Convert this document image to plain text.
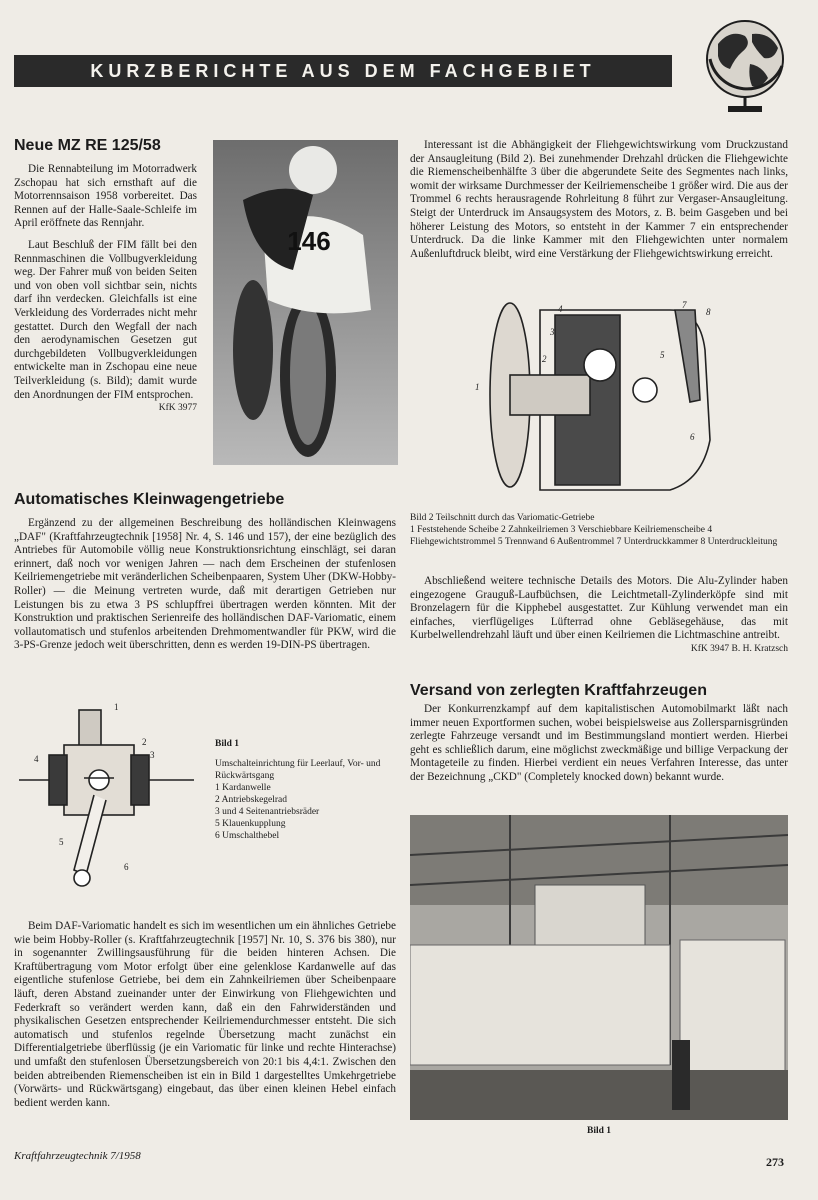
KURZBERICHTE AUS DEM FACHGEBIET
Neue MZ RE 125/58

Die Rennabteilung im Motorradwerk Zschopau hat sich ernsthaft auf die Motorrennsaison 1958 vorbereitet. Das Rennen auf der Halle-Saale-Schleife im April eröffnete das Rennjahr.

Laut Beschluß der FIM fällt bei den Rennmaschinen die Vollbugverkleidung weg. Der Fahrer muß von beiden Seiten und von oben voll sichtbar sein, nichts darf ihn verdecken. Gleichfalls ist eine Verkleidung des Vorderrades nicht mehr gestattet. Durch den Wegfall der nach den aerodynamischen Gesetzen gut durchgebildeten Vollbugverkleidungen entwickelte man in Zschopau eine neue Teilverkleidung (s. Bild); damit wurde den Anordnungen der FIM entsprochen.

KfK 3977
146
Automatisches Kleinwagengetriebe

Ergänzend zu der allgemeinen Beschreibung des holländischen Kleinwagens „DAF" (Kraftfahrzeugtechnik [1958] Nr. 4, S. 146 und 157), der eine bezüglich des Antriebes für Automobile völlig neue Konstruktionsrichtung einschlägt, sei daran erinnert, daß noch vor wenigen Jahren — nach dem Erscheinen der stufenlosen Keilriemengetriebe mit veränderlichen Scheibenpaaren, System Uher (DKW-Hobby-Roller) — die Meinung vertreten wurde, daß mit derartigen Getrieben nur Leistungen bis zu etwa 3 PS schlupffrei übertragen werden könnten. Mit der Konstruktion und praktischen Serienreife des holländischen DAF-Variomatic, einem vollautomatisch und stufenlos arbeitenden Drehmomentwandler für PKW, wird die 3-PS-Grenze jedoch weit überschritten, denn es werden 19-DIN-PS übertragen.

1
2
3
4
5
6
Bild 1
Umschalteinrichtung für Leerlauf, Vor- und Rückwärtsgang
1 Kardanwelle
2 Antriebskegelrad
3 und 4 Seitenantriebsräder
5 Klauenkupplung
6 Umschalthebel

Beim DAF-Variomatic handelt es sich im wesentlichen um ein ähnliches Getriebe wie beim Hobby-Roller (s. Kraftfahrzeugtechnik [1957] Nr. 10, S. 376 bis 380), nur in sogenannter Zwillingsausführung für die beiden hinteren Achsen. Die Kraftübertragung vom Motor erfolgt über eine gelenklose Kardanwelle auf das eigentliche stufenlose Getriebe, bei dem ein Zahnkeilriemen über Scheibenpaare läuft, deren Abstand zueinander unter der Einwirkung von Fliehgewichten und Federkraft so verändert werden kann, daß ein den Fahrwiderständen und physikalischen Gesetzen entsprechender Keilriemendurchmesser entsteht. Die sich automatisch und stufenlos regelnde Übersetzung macht zunächst ein Differentialgetriebe überflüssig (je ein Variomatic für linke und rechte Hinterachse) und umfaßt den stufenlosen Übersetzungsbereich von 20:1 bis 4,4:1. Zwischen den beiden abtreibenden Riemenscheiben ist ein in Bild 1 dargestelltes Umkehrgetriebe (Vorwärts- und Rückwärtsgang) eingebaut, das über einen kleinen Hebel einfach bedient werden kann.

Interessant ist die Abhängigkeit der Fliehgewichtswirkung vom Druckzustand der Ansaugleitung (Bild 2). Bei zunehmender Drehzahl drücken die Fliehgewichte die Riemenscheibenhälfte 3 über die abgerundete Seite des Segmentes nach links, womit der wirksame Durchmesser der Keilriemenscheibe 1 größer wird. Die aus der Trommel 6 rechts herausragende Rohrleitung 8 führt zur Vergaser-Ansaugleitung. Steigt der Unterdruck im Ansaugsystem des Motors, z. B. beim Gasgeben und bei höherer Leistung des Motors, so entsteht in der Kammer 7 ein entsprechender Unterdruck. Da die linke Kammer mit den Fliehgewichten unter normalem Außenluftdruck bleibt, wird eine Verstärkung der Fliehgewichtswirkung erreicht.

1
2
3
4
5
6
7
8
Bild 2 Teilschnitt durch das Variomatic-Getriebe
1 Feststehende Scheibe 2 Zahnkeilriemen 3 Verschiebbare Keilriemenscheibe 4 Fliehgewichtstrommel 5 Trennwand 6 Außentrommel 7 Unterdruckkammer 8 Unterdruckleitung

Abschließend weitere technische Details des Motors. Die Alu-Zylinder haben eingezogene Grauguß-Laufbüchsen, die Leichtmetall-Zylinderköpfe sind mit Bronzelagern für die Kipphebel ausgestattet. Zur Kühlung verwendet man ein einfaches, vierflügeliges Lüfterrad ohne Gebläsegehäuse, das mit Kurbelwellendrehzahl läuft und über einen Keilriemen die Lichtmaschine antreibt.

KfK 3947 B. H. Kratzsch
Versand von zerlegten Kraftfahrzeugen

Der Konkurrenzkampf auf dem kapitalistischen Automobilmarkt läßt nach immer neuen Exportformen suchen, wobei beispielsweise aus Zollersparnisgründen zerlegte Fahrzeuge versandt und im Bestimmungsland montiert werden. Hierbei geht es schließlich darum, eine möglichst zweckmäßige und billige Verpackung der Montageteile zu finden. Hierbei verdient ein neues Verfahren Interesse, das unter der Bezeichnung „CKD" (Completely knocked down) bekannt wurde.

Bild 1
Kraftfahrzeugtechnik 7/1958	273
